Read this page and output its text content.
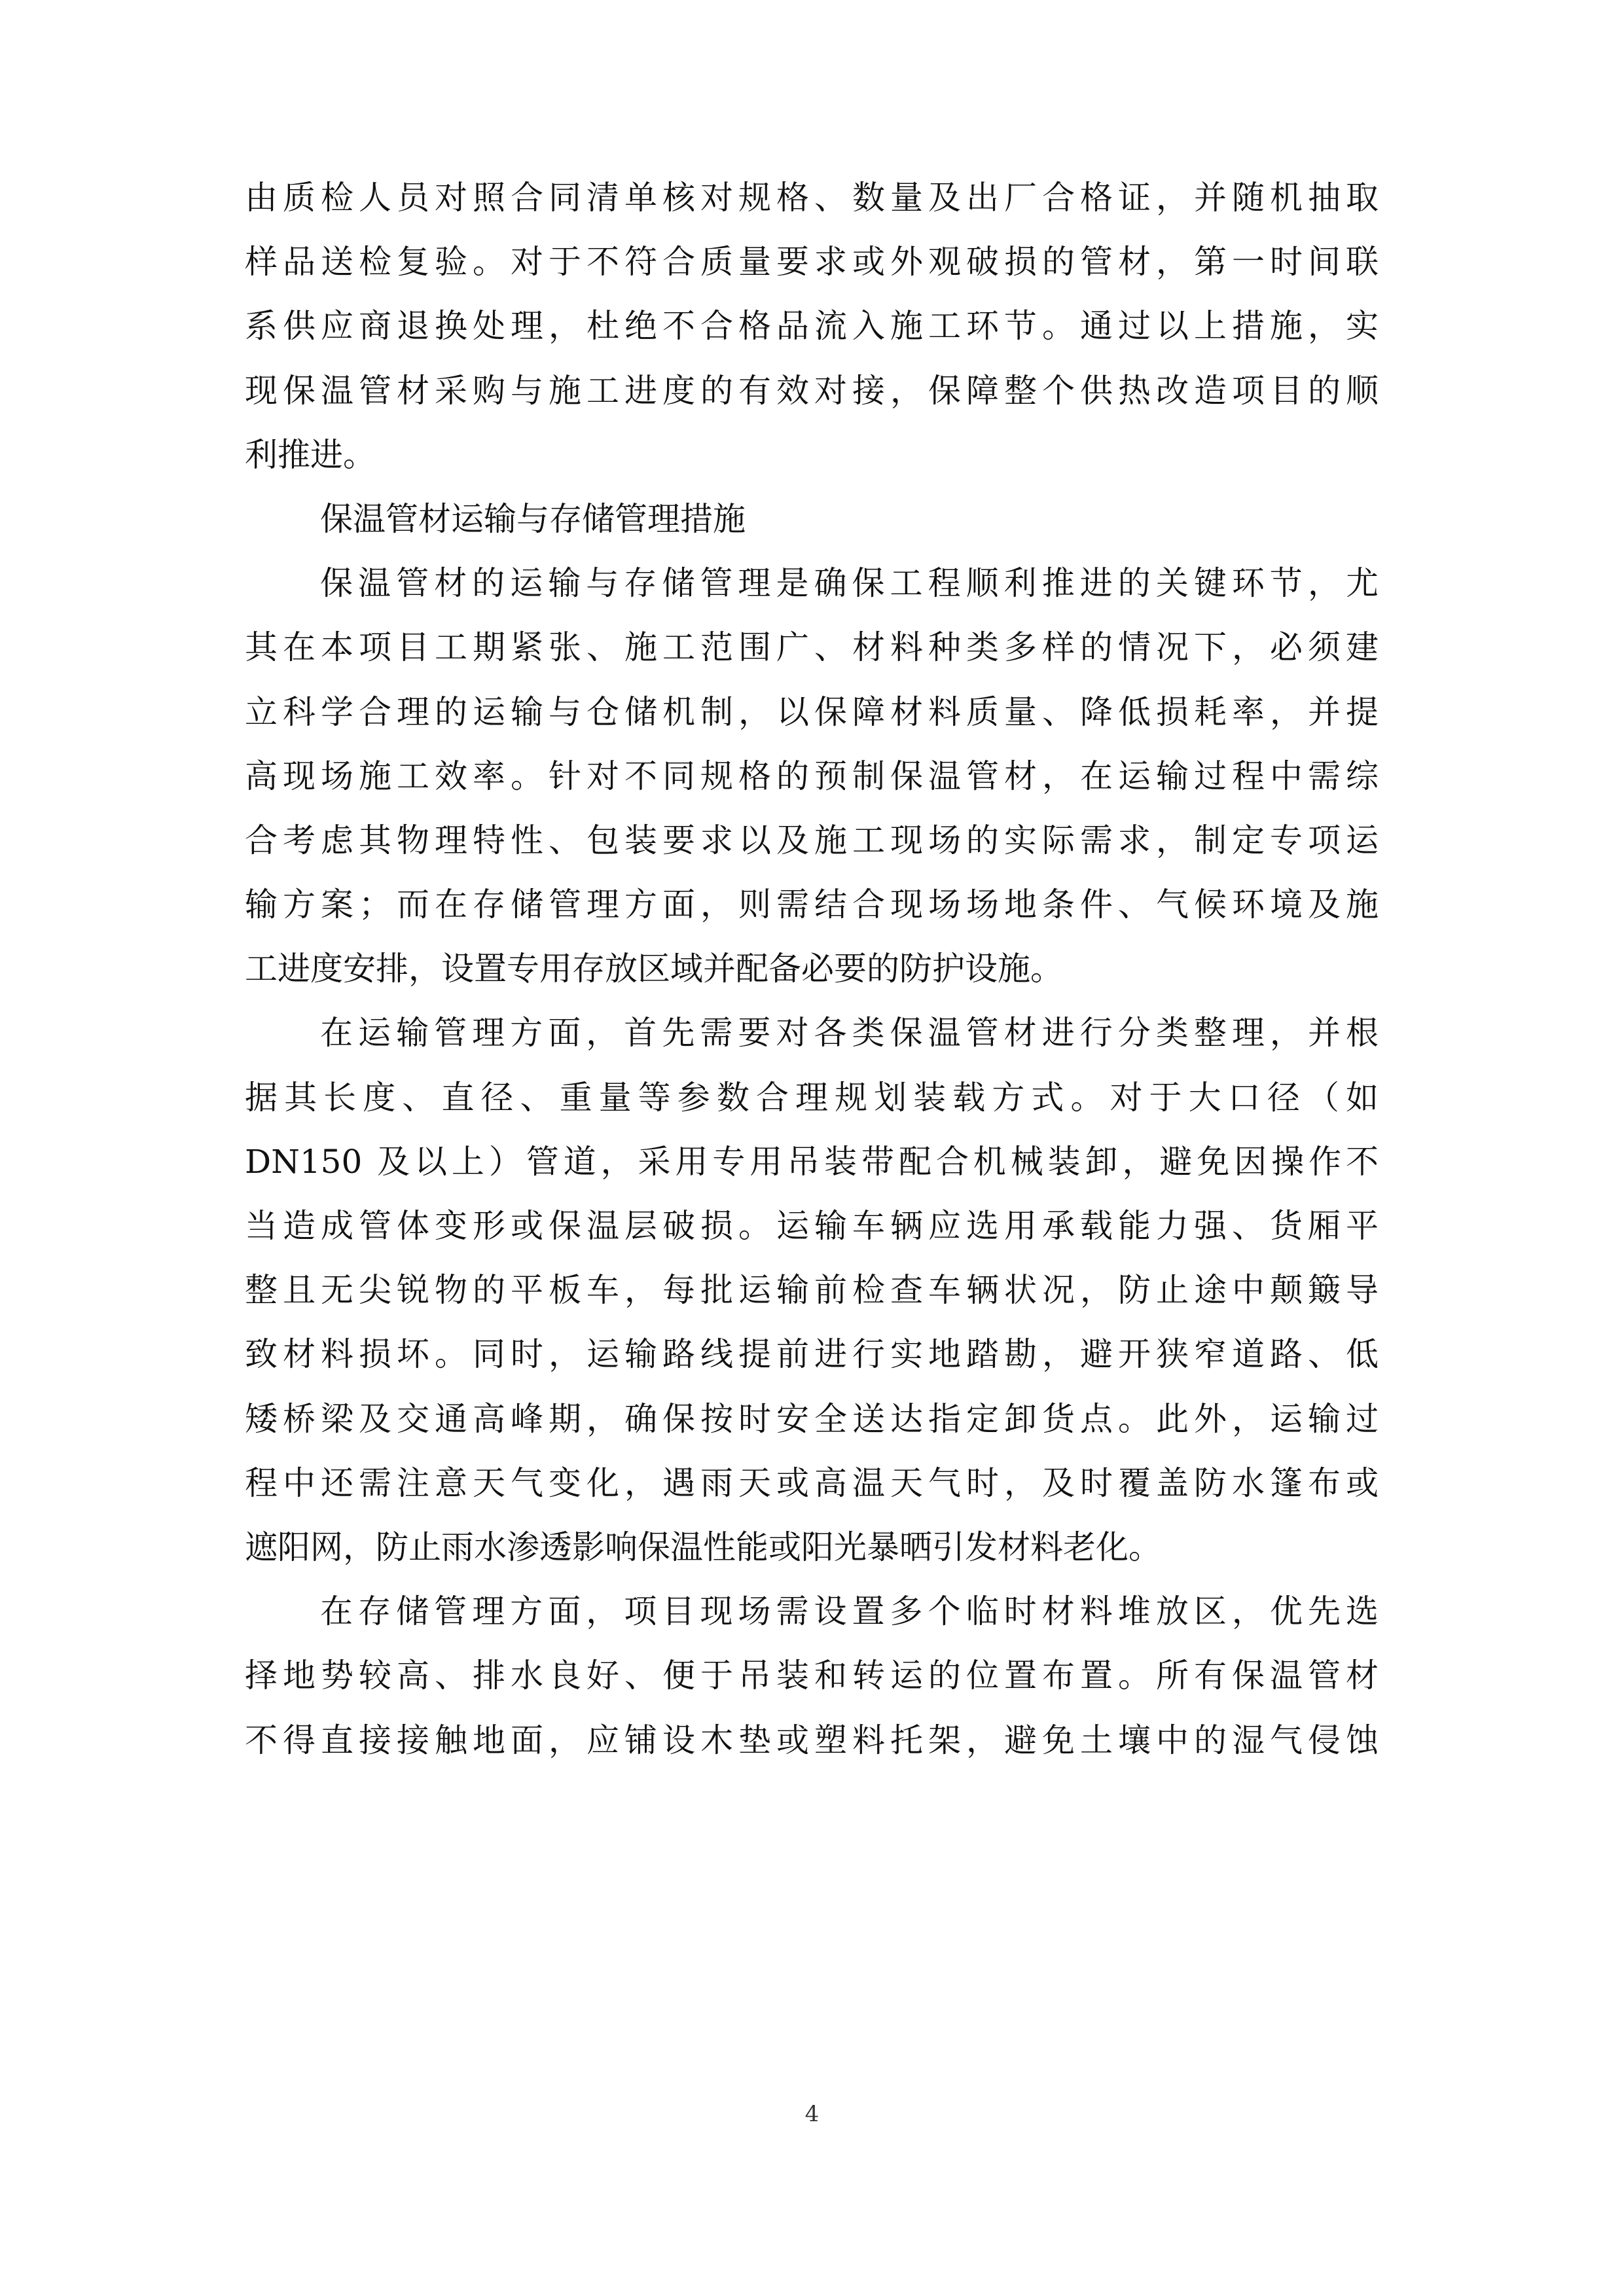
由质检人员对照合同清单核对规格、数量及出厂合格证，并随机抽取
样品送检复验。对于不符合质量要求或外观破损的管材，第一时间联
系供应商退换处理，杜绝不合格品流入施工环节。通过以上措施，实
现保温管材采购与施工进度的有效对接，保障整个供热改造项目的顺
利推进。
保温管材运输与存储管理措施
保温管材的运输与存储管理是确保工程顺利推进的关键环节，尤
其在本项目工期紧张、施工范围广、材料种类多样的情况下，必须建
立科学合理的运输与仓储机制，以保障材料质量、降低损耗率，并提
高现场施工效率。针对不同规格的预制保温管材，在运输过程中需综
合考虑其物理特性、包装要求以及施工现场的实际需求，制定专项运
输方案；而在存储管理方面，则需结合现场场地条件、气候环境及施
工进度安排，设置专用存放区域并配备必要的防护设施。
在运输管理方面，首先需要对各类保温管材进行分类整理，并根
据其长度、直径、重量等参数合理规划装载方式。对于大口径（如
DN150 及以上）管道，采用专用吊装带配合机械装卸，避免因操作不
当造成管体变形或保温层破损。运输车辆应选用承载能力强、货厢平
整且无尖锐物的平板车，每批运输前检查车辆状况，防止途中颠簸导
致材料损坏。同时，运输路线提前进行实地踏勘，避开狭窄道路、低
矮桥梁及交通高峰期，确保按时安全送达指定卸货点。此外，运输过
程中还需注意天气变化，遇雨天或高温天气时，及时覆盖防水篷布或
遮阳网，防止雨水渗透影响保温性能或阳光暴晒引发材料老化。
在存储管理方面，项目现场需设置多个临时材料堆放区，优先选
择地势较高、排水良好、便于吊装和转运的位置布置。所有保温管材
不得直接接触地面，应铺设木垫或塑料托架，避免土壤中的湿气侵蚀
4
